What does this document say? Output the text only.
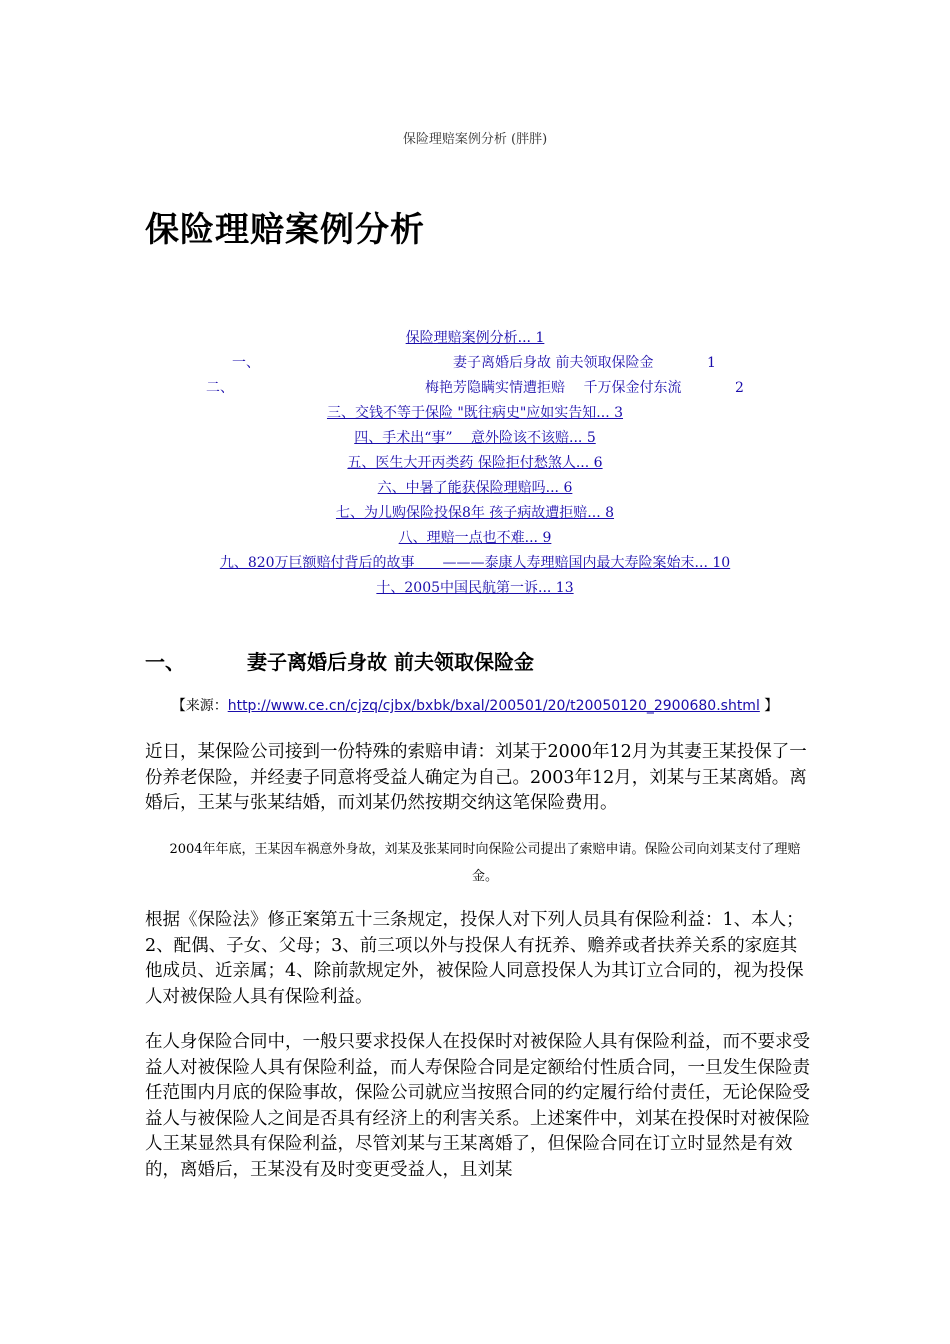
保险理赔案例分析 (胖胖)
保险理赔案例分析
保险理赔案例分析... 1
一、	妻子离婚后身故 前夫领取保险金	1
二、	梅艳芳隐瞒实情遭拒赔　 千万保金付东流	2
三、交钱不等于保险 "既往病史"应如实告知... 3
四、手术出“事”　 意外险该不该赔... 5
五、医生大开丙类药 保险拒付愁煞人... 6
六、中暑了能获保险理赔吗... 6
七、为儿购保险投保8年 孩子病故遭拒赔... 8
八、理赔一点也不难... 9
九、820万巨额赔付背后的故事　　———泰康人寿理赔国内最大寿险案始末... 10
十、2005中国民航第一诉... 13
一、	妻子离婚后身故 前夫领取保险金
【来源：http://www.ce.cn/cjzq/cjbx/bxbk/bxal/200501/20/t20050120_2900680.shtml 】

近日，某保险公司接到一份特殊的索赔申请：刘某于2000年12月为其妻王某投保了一份养老保险，并经妻子同意将受益人确定为自己。2003年12月，刘某与王某离婚。离婚后，王某与张某结婚，而刘某仍然按期交纳这笔保险费用。

2004年年底，王某因车祸意外身故，刘某及张某同时向保险公司提出了索赔申请。保险公司向刘某支付了理赔金。

根据《保险法》修正案第五十三条规定，投保人对下列人员具有保险利益：1、本人；2、配偶、子女、父母；3、前三项以外与投保人有抚养、赡养或者扶养关系的家庭其他成员、近亲属；4、除前款规定外，被保险人同意投保人为其订立合同的，视为投保人对被保险人具有保险利益。

在人身保险合同中，一般只要求投保人在投保时对被保险人具有保险利益，而不要求受益人对被保险人具有保险利益，而人寿保险合同是定额给付性质合同，一旦发生保险责任范围内月底的保险事故，保险公司就应当按照合同的约定履行给付责任，无论保险受益人与被保险人之间是否具有经济上的利害关系。上述案件中，刘某在投保时对被保险人王某显然具有保险利益，尽管刘某与王某离婚了，但保险合同在订立时显然是有效的，离婚后，王某没有及时变更受益人，且刘某
